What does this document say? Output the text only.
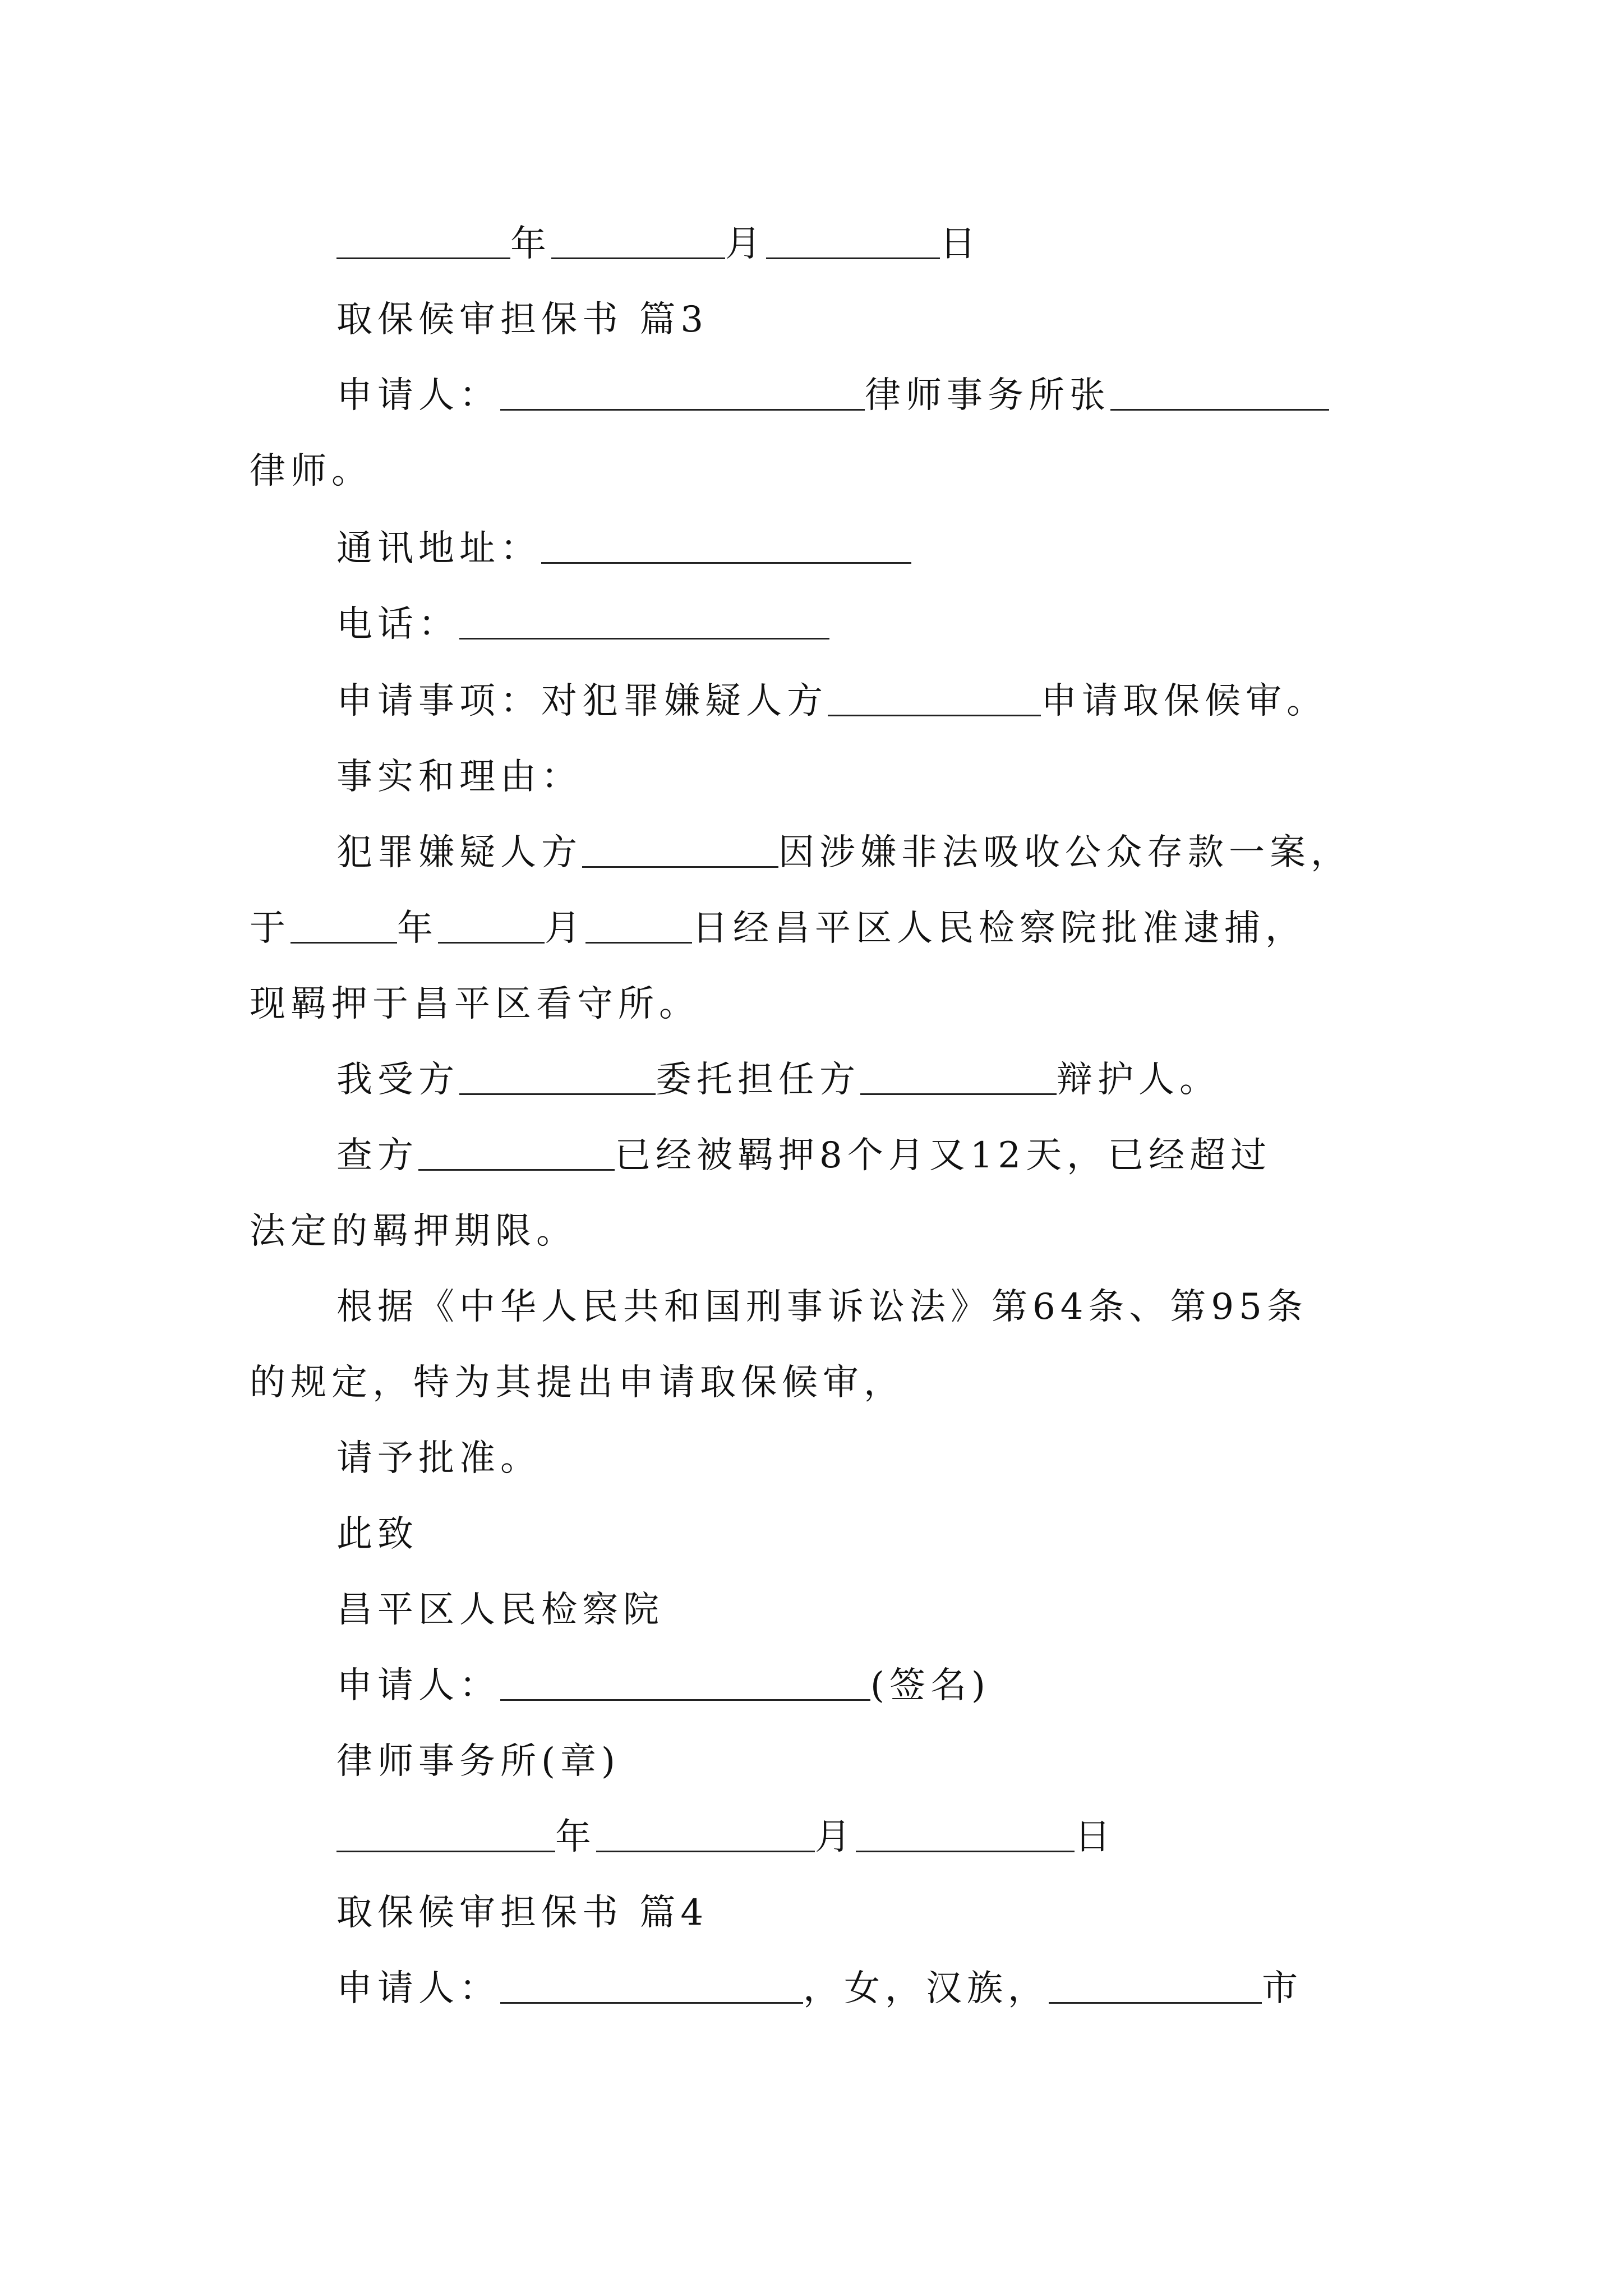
年	月	日
取保候审担保书 篇3
申请人：	律师事务所张
律师。
通讯地址：
电话：
申请事项：对犯罪嫌疑人方	申请取保候审。
事实和理由：
犯罪嫌疑人方	因涉嫌非法吸收公众存款一案，
于	年	月	日经昌平区人民检察院批准逮捕，
现羁押于昌平区看守所。
我受方	委托担任方	辩护人。
查方	已经被羁押8个月又12天，已经超过
法定的羁押期限。
根据《中华人民共和国刑事诉讼法》第64条、第95条
的规定，特为其提出申请取保候审，
请予批准。
此致
昌平区人民检察院
申请人：	(签名)
律师事务所(章)
年	月	日
取保候审担保书 篇4
申请人：	，女，汉族，	市
